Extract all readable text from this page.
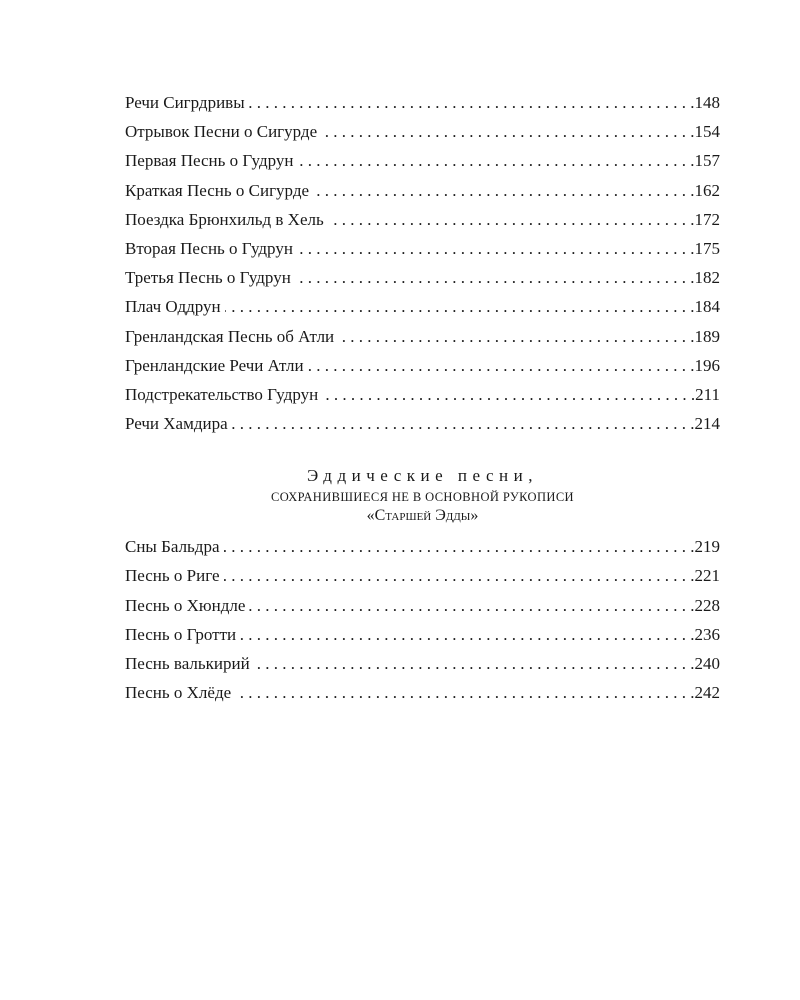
Речи Сигрдривы . . .	148
Отрывок Песни о Сигурде . . .	154
Первая Песнь о Гудрун . . .	157
Краткая Песнь о Сигурде . . .	162
Поездка Брюнхильд в Хель . . .	172
Вторая Песнь о Гудрун . . .	175
Третья Песнь о Гудрун . . .	182
Плач Оддрун . . .	184
Гренландская Песнь об Атли . . .	189
Гренландские Речи Атли . . .	196
Подстрекательство Гудрун . . .	211
Речи Хамдира . . .	214
Эддические песни,
СОХРАНИВШИЕСЯ НЕ В ОСНОВНОЙ РУКОПИСИ
«Старшей Эдды»
Сны Бальдра . . .	219
Песнь о Риге . . .	221
Песнь о Хюндле . . .	228
Песнь о Гротти . . .	236
Песнь валькирий . . .	240
Песнь о Хлёде . . .	242
